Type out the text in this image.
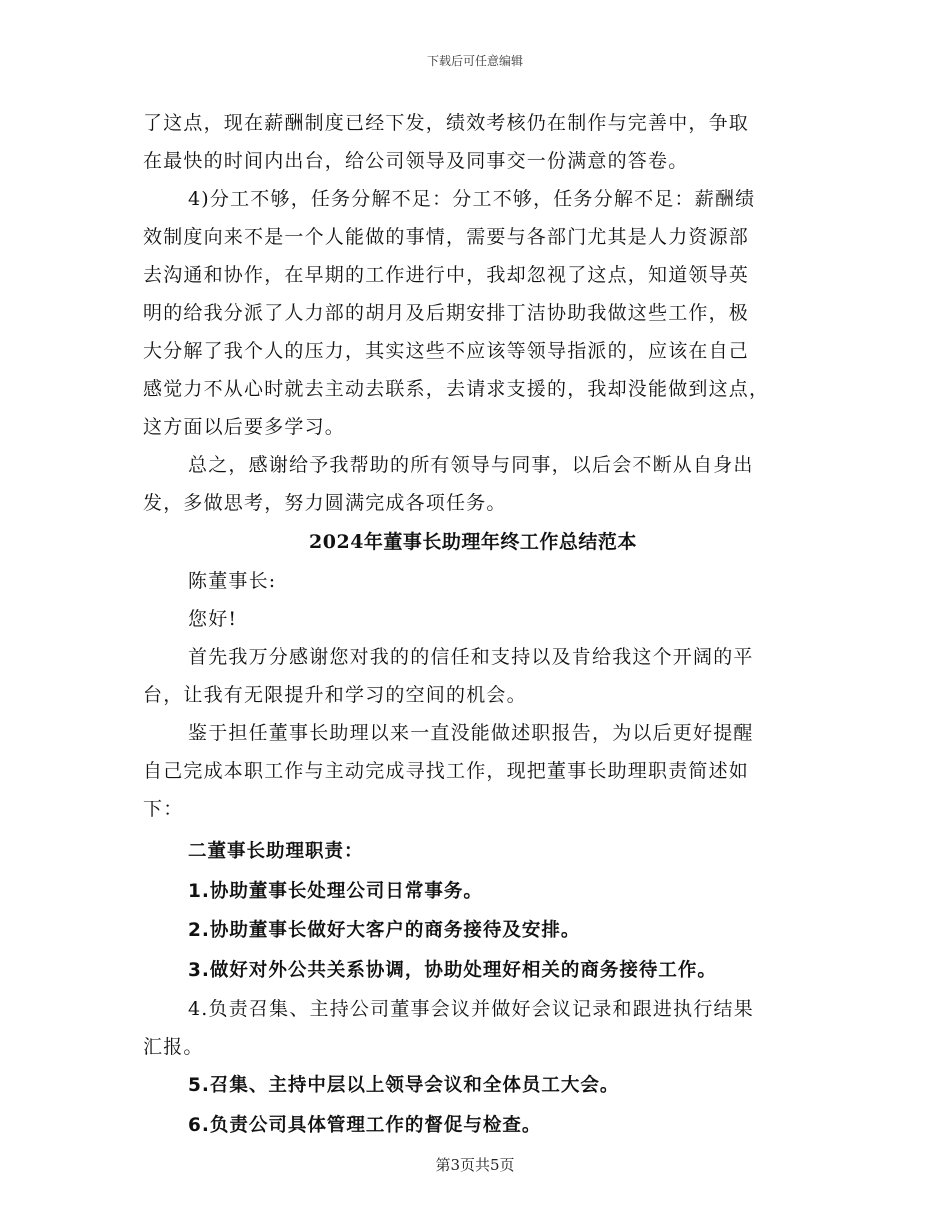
下载后可任意编辑
了这点，现在薪酬制度已经下发，绩效考核仍在制作与完善中，争取
在最快的时间内出台，给公司领导及同事交一份满意的答卷。
4)分工不够，任务分解不足：分工不够，任务分解不足：薪酬绩
效制度向来不是一个人能做的事情，需要与各部门尤其是人力资源部
去沟通和协作，在早期的工作进行中，我却忽视了这点，知道领导英
明的给我分派了人力部的胡月及后期安排丁洁协助我做这些工作，极
大分解了我个人的压力，其实这些不应该等领导指派的，应该在自己
感觉力不从心时就去主动去联系，去请求支援的，我却没能做到这点，
这方面以后要多学习。
总之，感谢给予我帮助的所有领导与同事，以后会不断从自身出
发，多做思考，努力圆满完成各项任务。
2024年董事长助理年终工作总结范本
陈董事长:
您好!
首先我万分感谢您对我的的信任和支持以及肯给我这个开阔的平
台，让我有无限提升和学习的空间的机会。
鉴于担任董事长助理以来一直没能做述职报告，为以后更好提醒
自己完成本职工作与主动完成寻找工作，现把董事长助理职责简述如
下：
二董事长助理职责：
1.协助董事长处理公司日常事务。
2.协助董事长做好大客户的商务接待及安排。
3.做好对外公共关系协调，协助处理好相关的商务接待工作。
4.负责召集、主持公司董事会议并做好会议记录和跟进执行结果
汇报。
5.召集、主持中层以上领导会议和全体员工大会。
6.负责公司具体管理工作的督促与检查。
第3页共5页
